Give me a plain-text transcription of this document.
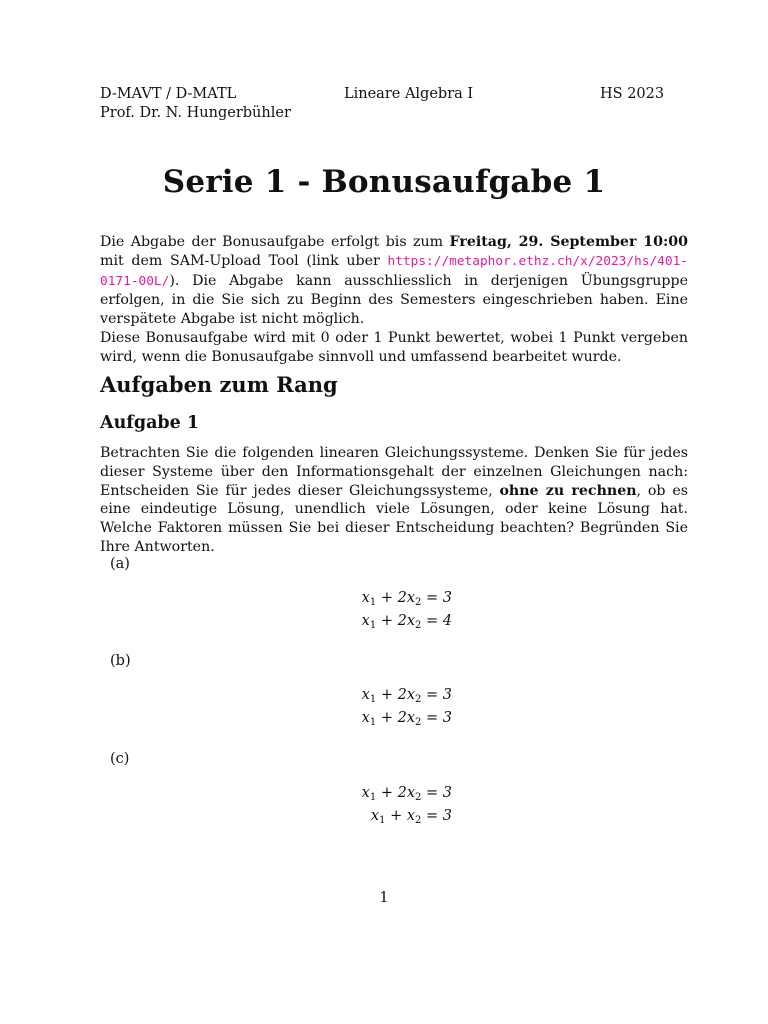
D-MAVT / D-MATL
Prof. Dr. N. Hungerbühler
Lineare Algebra I	HS 2023
Serie 1 - Bonusaufgabe 1

Die Abgabe der Bonusaufgabe erfolgt bis zum Freitag, 29. September 10:00 mit dem SAM-Upload Tool (link uber https://metaphor.ethz.ch/x/2023/hs/401-0171-00L/). Die Abgabe kann ausschliesslich in derjenigen Übungsgruppe erfolgen, in die Sie sich zu Beginn des Semesters eingeschrieben haben. Eine verspätete Abgabe ist nicht möglich.

Diese Bonusaufgabe wird mit 0 oder 1 Punkt bewertet, wobei 1 Punkt vergeben wird, wenn die Bonusaufgabe sinnvoll und umfassend bearbeitet wurde.

Aufgaben zum Rang
Aufgabe 1

Betrachten Sie die folgenden linearen Gleichungssysteme. Denken Sie für jedes dieser Systeme über den Informationsgehalt der einzelnen Gleichungen nach: Entscheiden Sie für jedes dieser Gleichungssysteme, ohne zu rechnen, ob es eine eindeutige Lösung, unendlich viele Lösungen, oder keine Lösung hat. Welche Faktoren müssen Sie bei dieser Entscheidung beachten? Begründen Sie Ihre Antworten.

(a)
$x_1 + 2x_2 = 3$
$x_1 + 2x_2 = 4$
(b)
$x_1 + 2x_2 = 3$
$x_1 + 2x_2 = 3$
(c)
$x_1 + 2x_2 = 3$
$x_1 + x_2 = 3$
1
